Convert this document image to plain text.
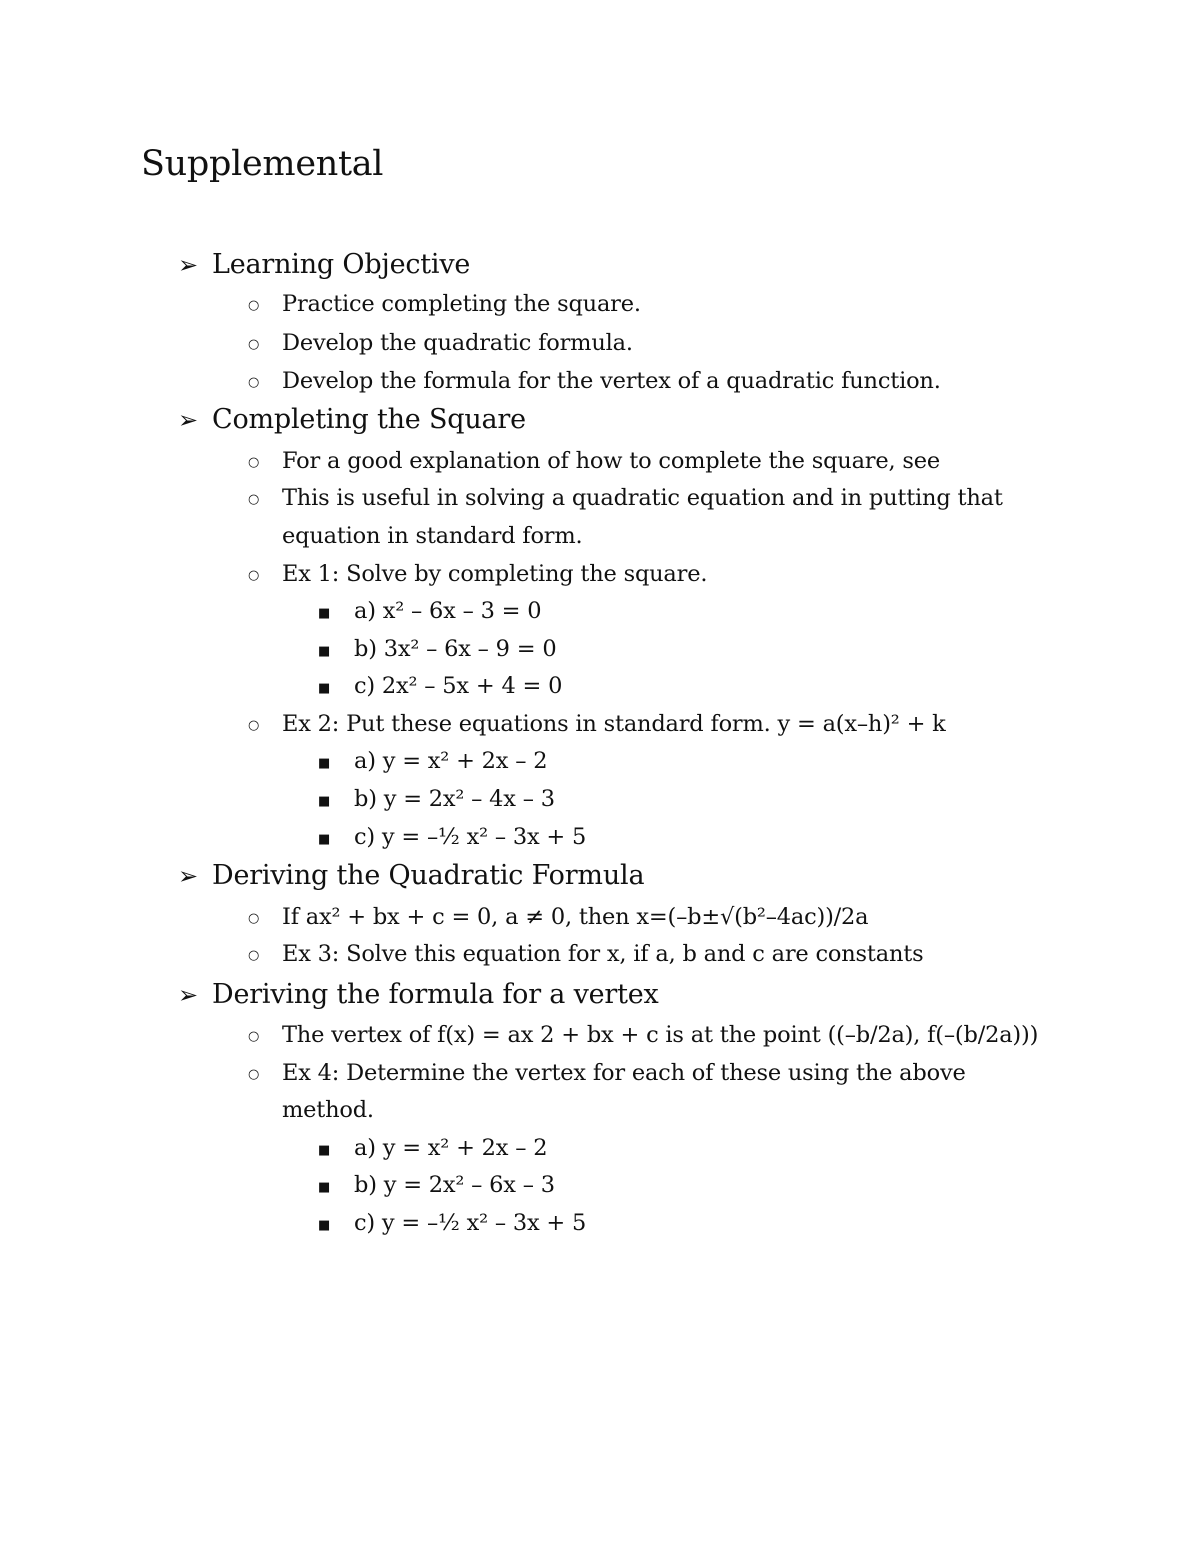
Supplemental
➢ Learning Objective
○ Practice completing the square.
○ Develop the quadratic formula.
○ Develop the formula for the vertex of a quadratic function.
➢ Completing the Square
○ For a good explanation of how to complete the square, see
○ This is useful in solving a quadratic equation and in putting that
equation in standard form.
○ Ex 1: Solve by completing the square.
■ a) x² – 6x – 3 = 0
■ b) 3x² – 6x – 9 = 0
■ c) 2x² – 5x + 4 = 0
○ Ex 2: Put these equations in standard form. y = a(x–h)² + k
■ a) y = x² + 2x – 2
■ b) y = 2x² – 4x – 3
■ c) y = –½ x² – 3x + 5
➢ Deriving the Quadratic Formula
○ If ax² + bx + c = 0, a ≠ 0, then x=(–b±√(b²–4ac))/2a
○ Ex 3: Solve this equation for x, if a, b and c are constants
➢ Deriving the formula for a vertex
○ The vertex of f(x) = ax 2 + bx + c is at the point ((–b/2a), f(–(b/2a)))
○ Ex 4: Determine the vertex for each of these using the above
method.
■ a) y = x² + 2x – 2
■ b) y = 2x² – 6x – 3
■ c) y = –½ x² – 3x + 5
